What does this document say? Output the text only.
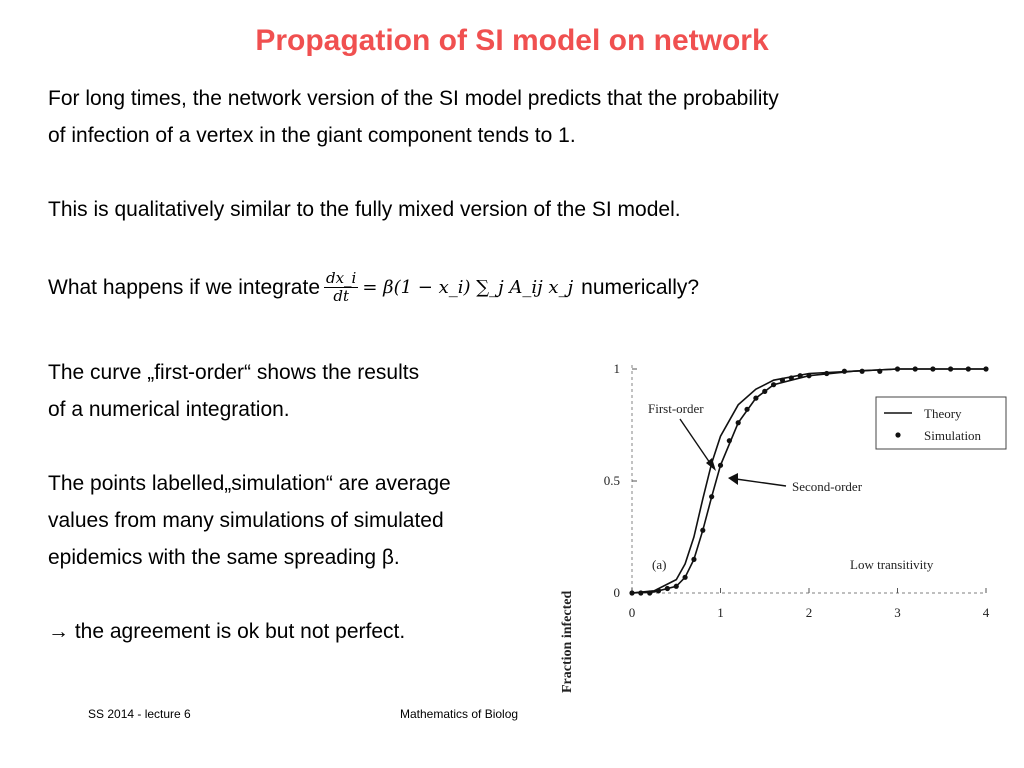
Propagation of SI model on network
For long times, the network version of the SI model predicts that the probability
of infection of a vertex in the giant component tends to 1.
This is qualitatively similar to the fully mixed version of the SI model.
What happens if we integrate $\frac{dx\_i}{dt} = \beta(1$ − x_i) ∑_j A_ij x_j numerically?
The curve „first-order“ shows the results
of a numerical integration.
The points labelled„simulation“ are average
values from many simulations of simulated
epidemics with the same spreading β.
→ the agreement is ok but not perfect.
SS 2014 - lecture 6	Mathematics of Biolog
0
0.5
1
0	1	2	3	4
Fraction infected
Theory
Simulation
First-order
Second-order
(a)	Low transitivity
